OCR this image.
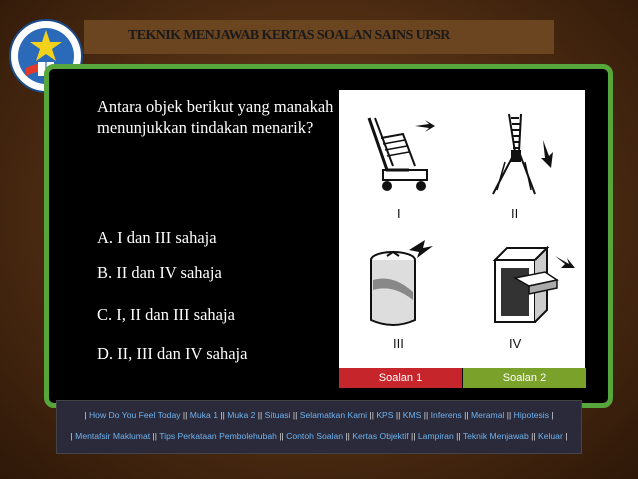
TEKNIK MENJAWAB KERTAS SOALAN SAINS UPSR
Antara objek berikut yang manakah menunjukkan tindakan menarik?
A. I dan III sahaja
B. II dan IV sahaja
C. I, II dan III sahaja
D. II, III dan IV sahaja
I	II
III	IV
Soalan 1	Soalan 2
| How Do You Feel Today || Muka 1 || Muka 2 || Situasi || Selamatkan Kami || KPS || KMS || Inferens || Meramal || Hipotesis |
| Mentafsir Maklumat || Tips Perkataan Pembolehubah || Contoh Soalan || Kertas Objektif || Lampiran || Teknik Menjawab || Keluar |
